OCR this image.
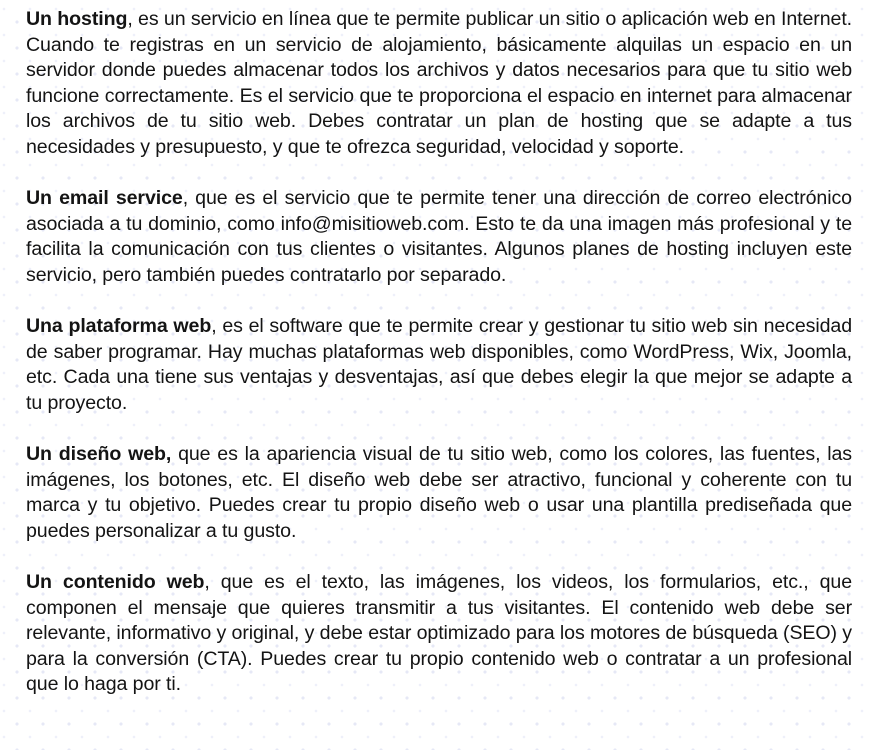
Un hosting, es un servicio en línea que te permite publicar un sitio o aplicación web en Internet. Cuando te registras en un servicio de alojamiento, básicamente alquilas un espacio en un servidor donde puedes almacenar todos los archivos y datos necesarios para que tu sitio web funcione correctamente. Es el servicio que te proporciona el espacio en internet para almacenar los archivos de tu sitio web. Debes contratar un plan de hosting que se adapte a tus necesidades y presupuesto, y que te ofrezca seguridad, velocidad y soporte.

Un email service, que es el servicio que te permite tener una dirección de correo electrónico asociada a tu dominio, como info@misitioweb.com. Esto te da una imagen más profesional y te facilita la comunicación con tus clientes o visitantes. Algunos planes de hosting incluyen este servicio, pero también puedes contratarlo por separado.

Una plataforma web, es el software que te permite crear y gestionar tu sitio web sin necesidad de saber programar. Hay muchas plataformas web disponibles, como WordPress, Wix, Joomla, etc. Cada una tiene sus ventajas y desventajas, así que debes elegir la que mejor se adapte a tu proyecto.

Un diseño web, que es la apariencia visual de tu sitio web, como los colores, las fuentes, las imágenes, los botones, etc. El diseño web debe ser atractivo, funcional y coherente con tu marca y tu objetivo. Puedes crear tu propio diseño web o usar una plantilla prediseñada que puedes personalizar a tu gusto.

Un contenido web, que es el texto, las imágenes, los videos, los formularios, etc., que componen el mensaje que quieres transmitir a tus visitantes. El contenido web debe ser relevante, informativo y original, y debe estar optimizado para los motores de búsqueda (SEO) y para la conversión (CTA). Puedes crear tu propio contenido web o contratar a un profesional que lo haga por ti.
